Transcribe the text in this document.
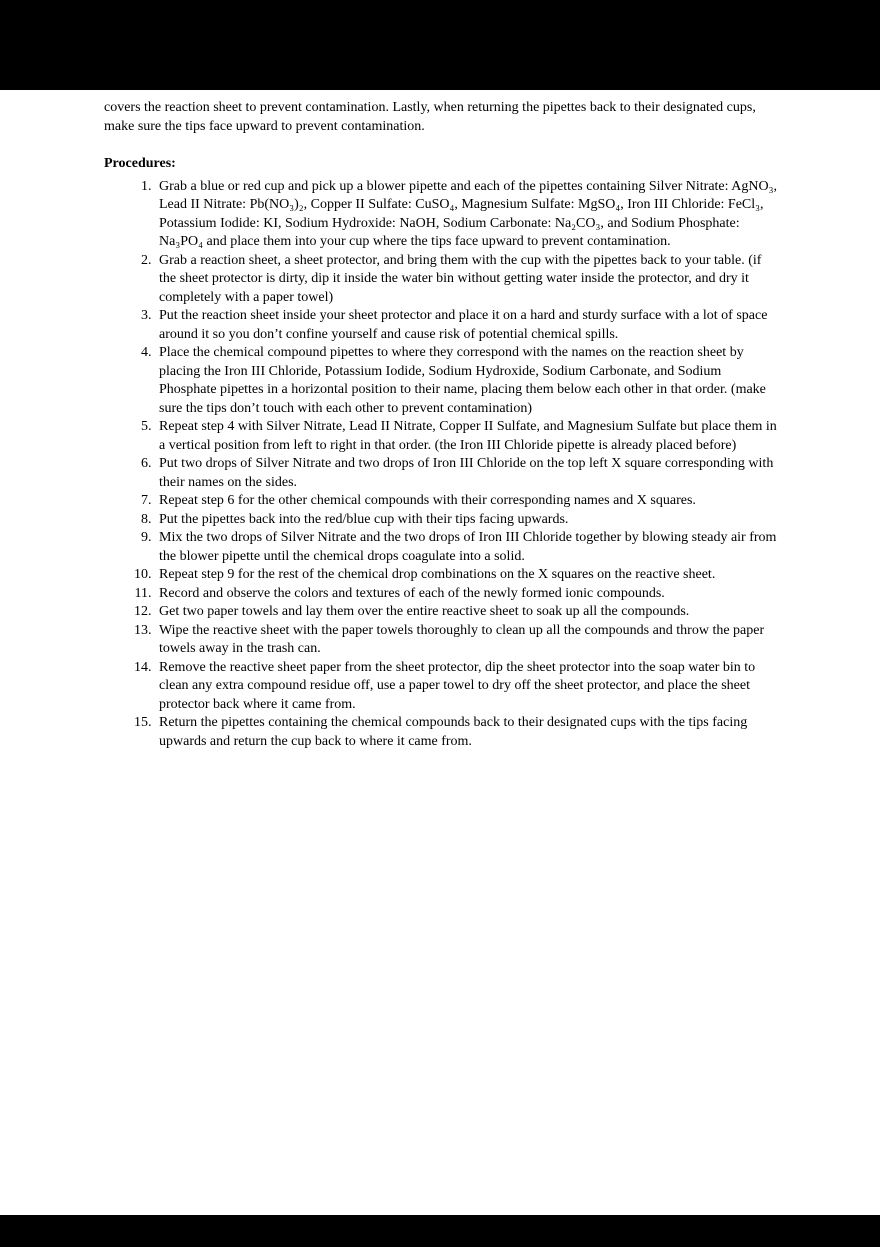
covers the reaction sheet to prevent contamination. Lastly, when returning the pipettes back to their designated cups, make sure the tips face upward to prevent contamination.

Procedures:

1. Grab a blue or red cup and pick up a blower pipette and each of the pipettes containing Silver Nitrate: AgNO₃, Lead II Nitrate: Pb(NO₃)₂, Copper II Sulfate: CuSO₄, Magnesium Sulfate: MgSO₄, Iron III Chloride: FeCl₃, Potassium Iodide: KI, Sodium Hydroxide: NaOH, Sodium Carbonate: Na₂CO₃, and Sodium Phosphate: Na₃PO₄ and place them into your cup where the tips face upward to prevent contamination.
2. Grab a reaction sheet, a sheet protector, and bring them with the cup with the pipettes back to your table. (if the sheet protector is dirty, dip it inside the water bin without getting water inside the protector, and dry it completely with a paper towel)
3. Put the reaction sheet inside your sheet protector and place it on a hard and sturdy surface with a lot of space around it so you don’t confine yourself and cause risk of potential chemical spills.
4. Place the chemical compound pipettes to where they correspond with the names on the reaction sheet by placing the Iron III Chloride, Potassium Iodide, Sodium Hydroxide, Sodium Carbonate, and Sodium Phosphate pipettes in a horizontal position to their name, placing them below each other in that order. (make sure the tips don’t touch with each other to prevent contamination)
5. Repeat step 4 with Silver Nitrate, Lead II Nitrate, Copper II Sulfate, and Magnesium Sulfate but place them in a vertical position from left to right in that order. (the Iron III Chloride pipette is already placed before)
6. Put two drops of Silver Nitrate and two drops of Iron III Chloride on the top left X square corresponding with their names on the sides.
7. Repeat step 6 for the other chemical compounds with their corresponding names and X squares.
8. Put the pipettes back into the red/blue cup with their tips facing upwards.
9. Mix the two drops of Silver Nitrate and the two drops of Iron III Chloride together by blowing steady air from the blower pipette until the chemical drops coagulate into a solid.
10. Repeat step 9 for the rest of the chemical drop combinations on the X squares on the reactive sheet.
11. Record and observe the colors and textures of each of the newly formed ionic compounds.
12. Get two paper towels and lay them over the entire reactive sheet to soak up all the compounds.
13. Wipe the reactive sheet with the paper towels thoroughly to clean up all the compounds and throw the paper towels away in the trash can.
14. Remove the reactive sheet paper from the sheet protector, dip the sheet protector into the soap water bin to clean any extra compound residue off, use a paper towel to dry off the sheet protector, and place the sheet protector back where it came from.
15. Return the pipettes containing the chemical compounds back to their designated cups with the tips facing upwards and return the cup back to where it came from.
